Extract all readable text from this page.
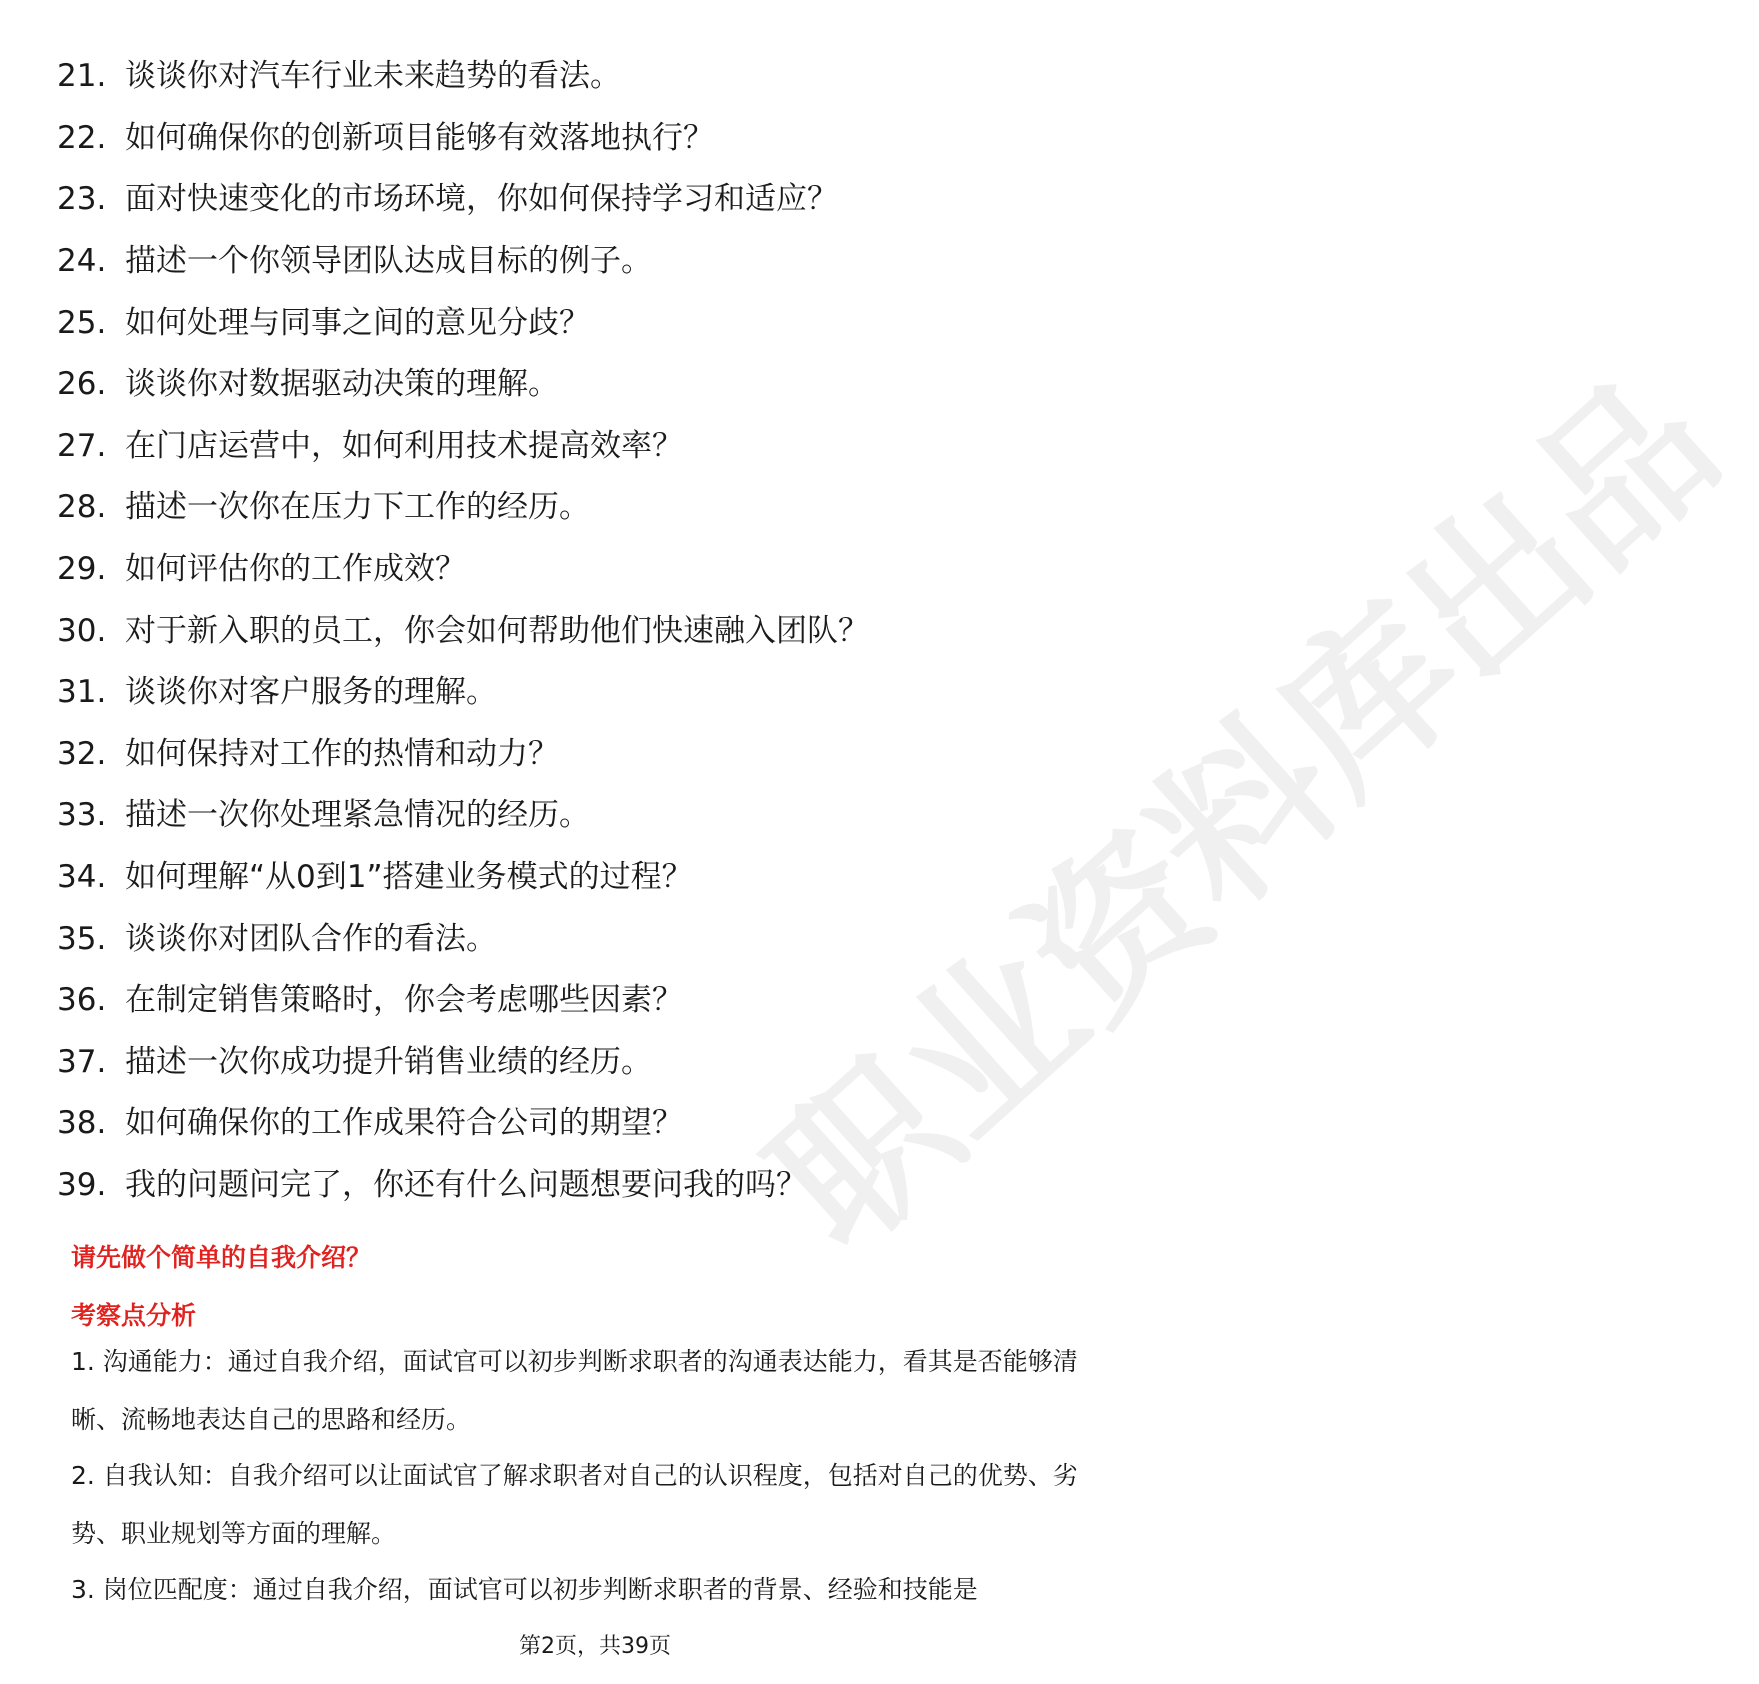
职业资料库出品
21. 谈谈你对汽车行业未来趋势的看法。
22. 如何确保你的创新项目能够有效落地执行？
23. 面对快速变化的市场环境，你如何保持学习和适应？
24. 描述一个你领导团队达成目标的例子。
25. 如何处理与同事之间的意见分歧？
26. 谈谈你对数据驱动决策的理解。
27. 在门店运营中，如何利用技术提高效率？
28. 描述一次你在压力下工作的经历。
29. 如何评估你的工作成效？
30. 对于新入职的员工，你会如何帮助他们快速融入团队？
31. 谈谈你对客户服务的理解。
32. 如何保持对工作的热情和动力？
33. 描述一次你处理紧急情况的经历。
34. 如何理解“从0到1”搭建业务模式的过程？
35. 谈谈你对团队合作的看法。
36. 在制定销售策略时，你会考虑哪些因素？
37. 描述一次你成功提升销售业绩的经历。
38. 如何确保你的工作成果符合公司的期望？
39. 我的问题问完了，你还有什么问题想要问我的吗？
请先做个简单的自我介绍？
考察点分析
1. 沟通能力：通过自我介绍，面试官可以初步判断求职者的沟通表达能力，看其是否能够清晰、流畅地表达自己的思路和经历。
2. 自我认知：自我介绍可以让面试官了解求职者对自己的认识程度，包括对自己的优势、劣势、职业规划等方面的理解。
3. 岗位匹配度：通过自我介绍，面试官可以初步判断求职者的背景、经验和技能是
第2页，共39页
